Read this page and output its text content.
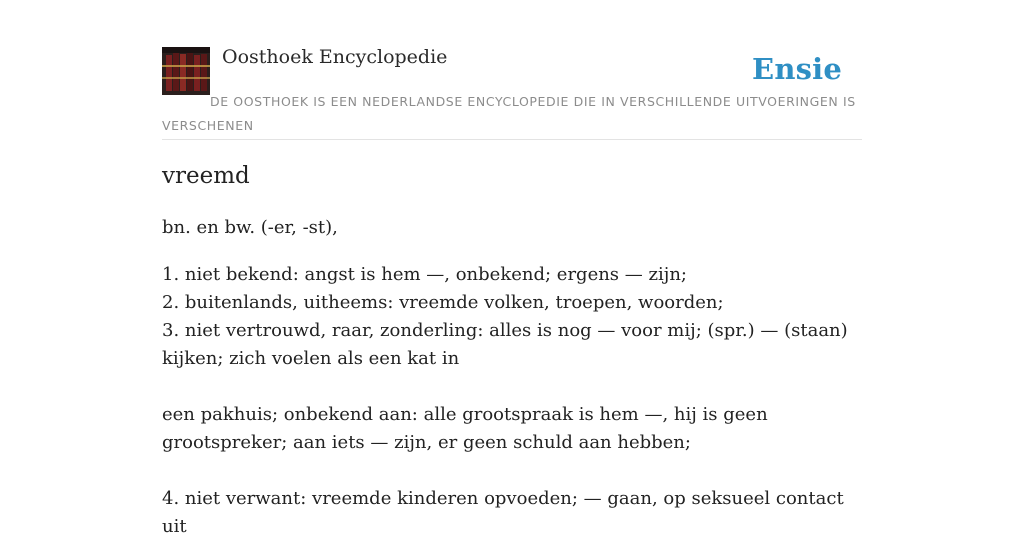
Oosthoek Encyclopedie	Ensie
DE OOSTHOEK IS EEN NEDERLANDSE ENCYCLOPEDIE DIE IN VERSCHILLENDE UITVOERINGEN IS VERSCHENEN
vreemd

bn. en bw. (-er, -st),

1. niet bekend: angst is hem —, onbekend; ergens — zijn;

2. buitenlands, uitheems: vreemde volken, troepen, woorden;

3. niet vertrouwd, raar, zonderling: alles is nog — voor mij; (spr.) — (staan) kijken; zich voelen als een kat in

een pakhuis; onbekend aan: alle grootspraak is hem —, hij is geen grootspreker; aan iets — zijn, er geen schuld aan hebben;

4. niet verwant: vreemde kinderen opvoeden; — gaan, op seksueel contact uit
